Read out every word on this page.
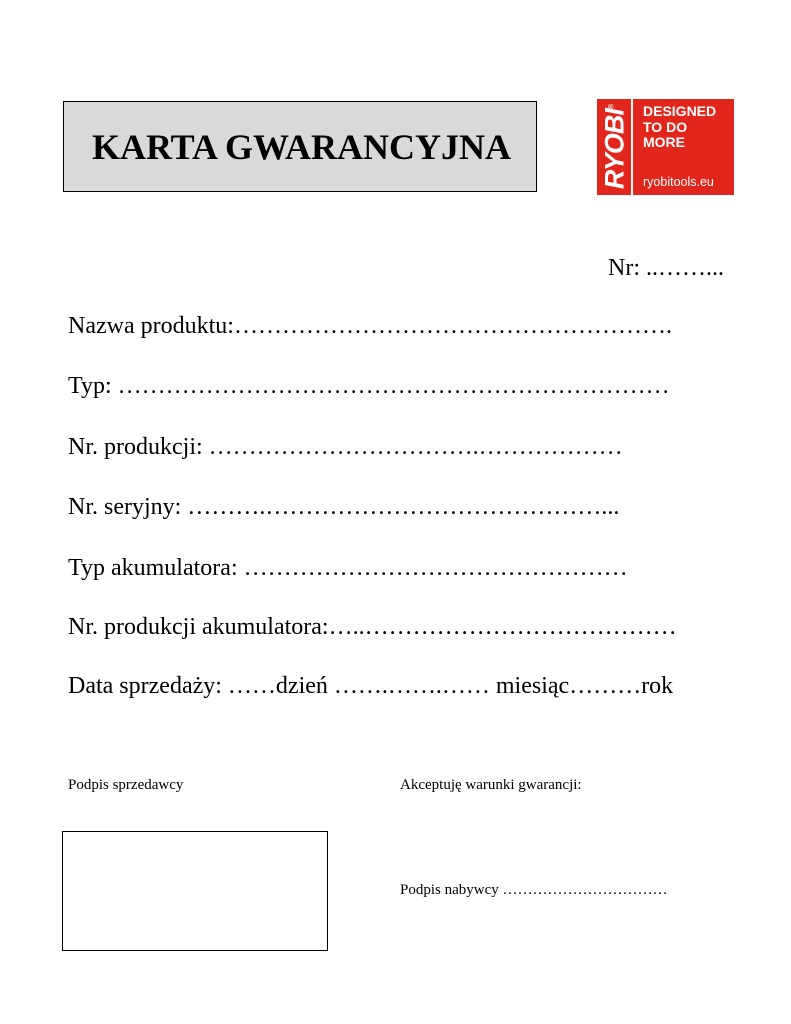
KARTA GWARANCYJNA	RYOBI®	DESIGNED
TO DO
MORE
ryobitools.eu
Nr: ..……...
Nazwa produktu:……………………………………………….
Typ: ……………………………………………………………
Nr. produkcji: …………………………….………………
Nr. seryjny: ……….……………………………………...
Typ akumulatora: …………………………………………
Nr. produkcji akumulatora:…..…………………………………
Data sprzedaży: ……dzień …….…….…… miesiąc………rok
Podpis sprzedawcy	Akceptuję warunki gwarancji:
Podpis nabywcy ……………………………
